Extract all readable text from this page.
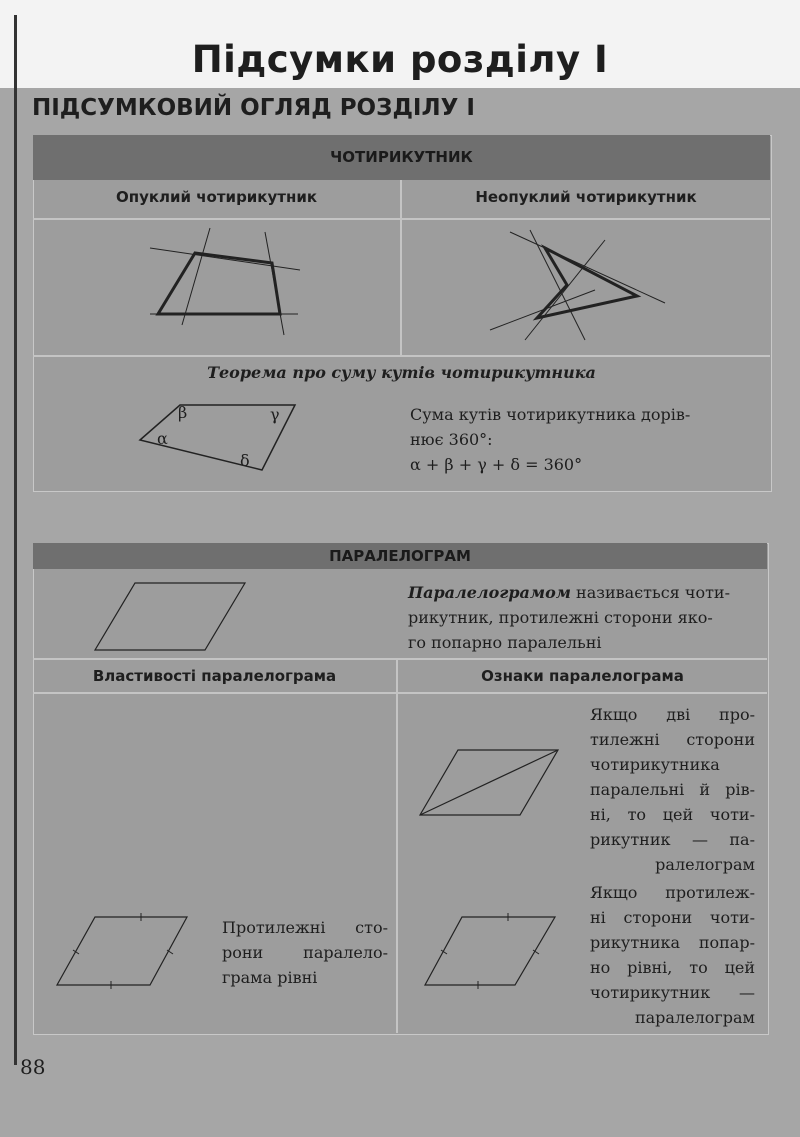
Підсумки розділу I
ПІДСУМКОВИЙ ОГЛЯД РОЗДІЛУ I
ЧОТИРИКУТНИК
Опуклий чотирикутник	Неопуклий чотирикутник
Теорема про суму кутів чотирикутника
Сума кутів чотирикутника дорів-
нює 360°:
α + β + γ + δ = 360°
α
β	γ
δ
ПАРАЛЕЛОГРАМ
Паралелограмом називається чоти-
рикутник, протилежні сторони яко-
го попарно паралельні
Властивості паралелограма	Ознаки паралелограма
Протилежні сто-
рони паралело-
грама рівні
Якщо дві про-
тилежні сторони
чотирикутника
паралельні й рів-
ні, то цей чоти-
рикутник — па-
ралелограм
Якщо протилеж-
ні сторони чоти-
рикутника попар-
но рівні, то цей
чотирикутник —
паралелограм
88
